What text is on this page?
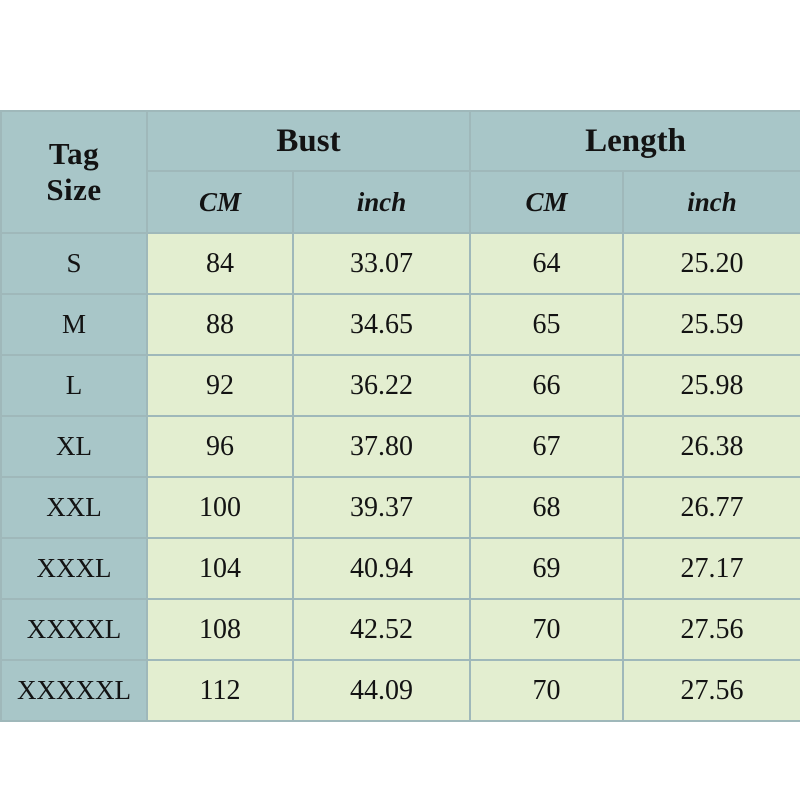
Tag
Size	Bust		Length	
	CM	inch	CM	inch
S	84	33.07	64	25.20
M	88	34.65	65	25.59
L	92	36.22	66	25.98
XL	96	37.80	67	26.38
XXL	100	39.37	68	26.77
XXXL	104	40.94	69	27.17
XXXXL	108	42.52	70	27.56
XXXXXL	112	44.09	70	27.56
